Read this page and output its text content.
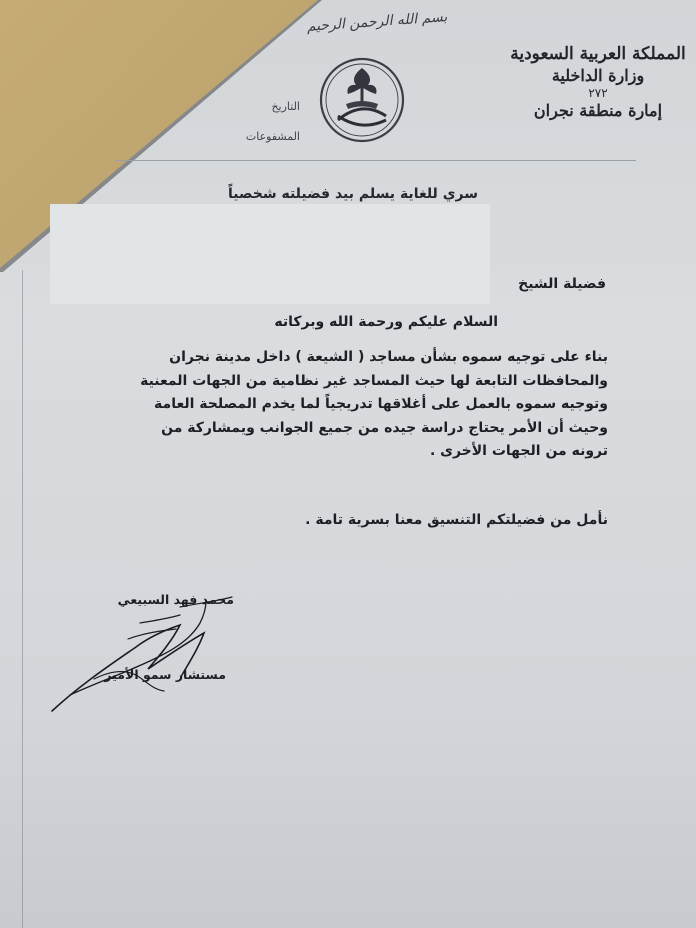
بسم الله الرحمن الرحيم
المملكة العربية السعودية
وزارة الداخلية
٢٧٢
إمارة منطقة نجران
التاريخ
المشفوعات
سري للغاية يسلم بيد فضيلته شخصياً
فضيلة الشيخ
السلام عليكم ورحمة الله وبركاته
بناء على توجيه سموه بشأن مساجد ( الشيعة ) داخل مدينة نجران
والمحافظات التابعة لها حيث المساجد غير نظامية من الجهات المعنية
وتوجيه سموه بالعمل على أغلاقها تدريجياً لما يخدم المصلحة العامة
وحيث أن الأمر يحتاج دراسة جيده من جميع الجوانب ويمشاركة من
ترونه من الجهات الأخرى .
نأمل من فضيلتكم التنسيق معنا بسرية تامة .
محمد فهد السبيعي
مستشار سمو الأمير
